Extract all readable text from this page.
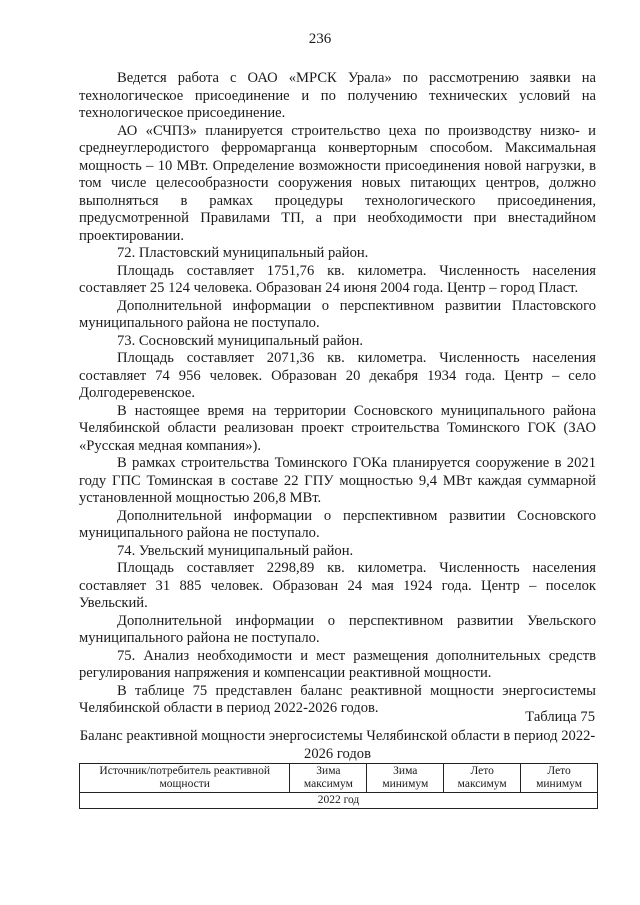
236

Ведется работа с ОАО «МРСК Урала» по рассмотрению заявки на технологическое присоединение и по получению технических условий на технологическое присоединение.

АО «СЧПЗ» планируется строительство цеха по производству низко- и среднеуглеродистого ферромарганца конверторным способом. Максимальная мощность – 10 МВт. Определение возможности присоединения новой нагрузки, в том числе целесообразности сооружения новых питающих центров, должно выполняться в рамках процедуры технологического присоединения, предусмотренной Правилами ТП, а при необходимости при внестадийном проектировании.

72. Пластовский муниципальный район.

Площадь составляет 1751,76 кв. километра. Численность населения составляет 25 124 человека. Образован 24 июня 2004 года. Центр – город Пласт.

Дополнительной информации о перспективном развитии Пластовского муниципального района не поступало.

73. Сосновский муниципальный район.

Площадь составляет 2071,36 кв. километра. Численность населения составляет 74 956 человек. Образован 20 декабря 1934 года. Центр – село Долгодеревенское.

В настоящее время на территории Сосновского муниципального района Челябинской области реализован проект строительства Томинского ГОК (ЗАО «Русская медная компания»).

В рамках строительства Томинского ГОКа планируется сооружение в 2021 году ГПС Томинская в составе 22 ГПУ мощностью 9,4 МВт каждая суммарной установленной мощностью 206,8 МВт.

Дополнительной информации о перспективном развитии Сосновского муниципального района не поступало.

74. Увельский муниципальный район.

Площадь составляет 2298,89 кв. километра. Численность населения составляет 31 885 человек. Образован 24 мая 1924 года. Центр – поселок Увельский.

Дополнительной информации о перспективном развитии Увельского муниципального района не поступало.

75. Анализ необходимости и мест размещения дополнительных средств регулирования напряжения и компенсации реактивной мощности.

В таблице 75 представлен баланс реактивной мощности энергосистемы Челябинской области в период 2022-2026 годов.

Таблица 75
Баланс реактивной мощности энергосистемы Челябинской области в период 2022-2026 годов
Источник/потребитель реактивной мощности	Зима максимум	Зима минимум	Лето максимум	Лето минимум
2022 год
